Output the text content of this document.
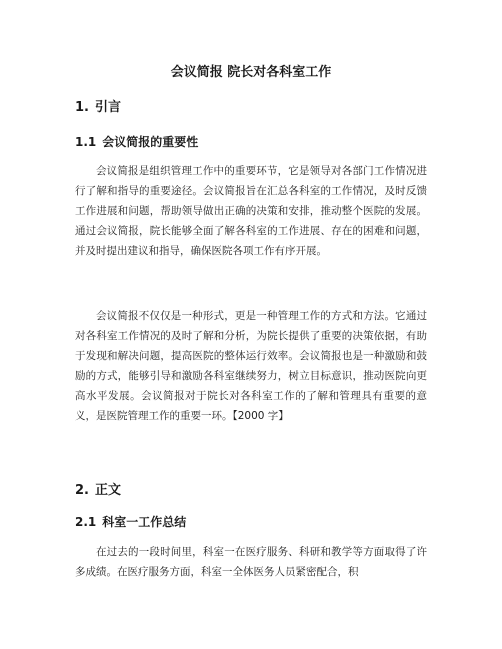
会议简报 院长对各科室工作
1. 引言
1.1 会议简报的重要性

会议简报是组织管理工作中的重要环节，它是领导对各部门工作情况进行了解和指导的重要途径。会议简报旨在汇总各科室的工作情况，及时反馈工作进展和问题，帮助领导做出正确的决策和安排，推动整个医院的发展。通过会议简报，院长能够全面了解各科室的工作进展、存在的困难和问题，并及时提出建议和指导，确保医院各项工作有序开展。

会议简报不仅仅是一种形式，更是一种管理工作的方式和方法。它通过对各科室工作情况的及时了解和分析，为院长提供了重要的决策依据，有助于发现和解决问题，提高医院的整体运行效率。会议简报也是一种激励和鼓励的方式，能够引导和激励各科室继续努力，树立目标意识，推动医院向更高水平发展。会议简报对于院长对各科室工作的了解和管理具有重要的意义，是医院管理工作的重要一环。【2000 字】

2. 正文
2.1 科室一工作总结

在过去的一段时间里，科室一在医疗服务、科研和教学等方面取得了许多成绩。在医疗服务方面，科室一全体医务人员紧密配合，积
